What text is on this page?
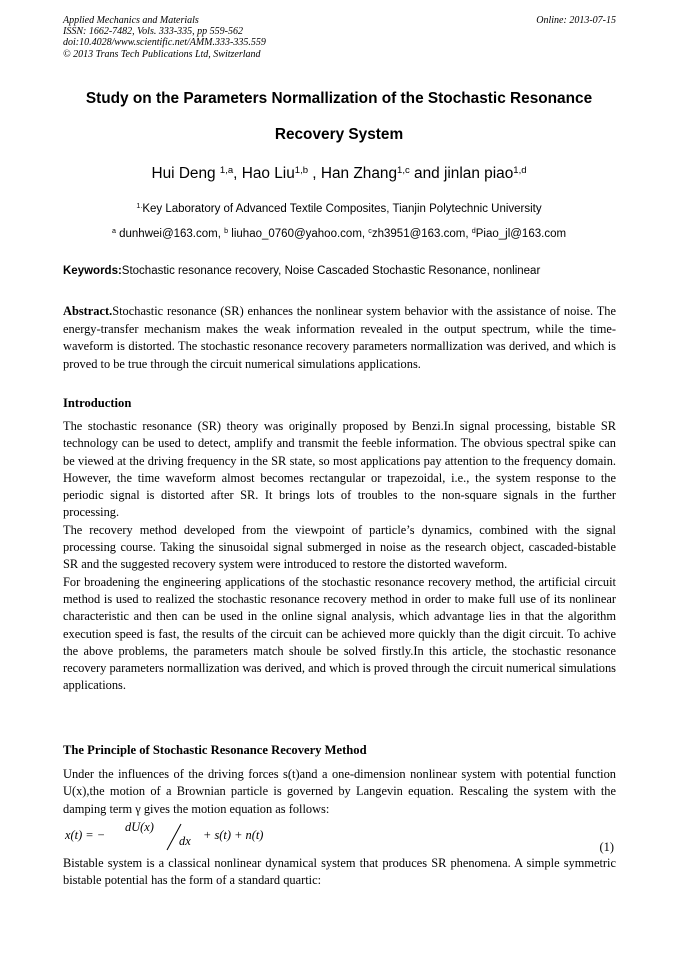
Applied Mechanics and Materials
ISSN: 1662-7482, Vols. 333-335, pp 559-562
doi:10.4028/www.scientific.net/AMM.333-335.559
© 2013 Trans Tech Publications Ltd, Switzerland
Online: 2013-07-15
Study on the Parameters Normallization of the Stochastic Resonance
Recovery System
Hui Deng $^{1,a}$, Hao Liu$^{1,b}$ , Han Zhang$^{1,c}$ and jinlan piao$^{1,d}$
$^{1.}$Key Laboratory of Advanced Textile Composites, Tianjin Polytechnic University
$^a$ dunhwei@163.com, $^b$ liuhao_0760@yahoo.com, $^c$zh3951@163.com, $^d$Piao_jl@163.com
Keywords:Stochastic resonance recovery, Noise Cascaded Stochastic Resonance, nonlinear
Abstract.Stochastic resonance (SR) enhances the nonlinear system behavior with the assistance of noise. The energy-transfer mechanism makes the weak information revealed in the output spectrum, while the time-waveform is distorted. The stochastic resonance recovery parameters normallization was derived, and which is proved to be true through the circuit numerical simulations applications.
Introduction
The stochastic resonance (SR) theory was originally proposed by Benzi.In signal processing, bistable SR technology can be used to detect, amplify and transmit the feeble information. The obvious spectral spike can be viewed at the driving frequency in the SR state, so most applications pay attention to the frequency domain. However, the time waveform almost becomes rectangular or trapezoidal, i.e., the system response to the periodic signal is distorted after SR. It brings lots of troubles to the non-square signals in the further processing.
The recovery method developed from the viewpoint of particle’s dynamics, combined with the signal processing course. Taking the sinusoidal signal submerged in noise as the research object, cascaded-bistable SR and the suggested recovery system were introduced to restore the distorted waveform.
For broadening the engineering applications of the stochastic resonance recovery method, the artificial circuit method is used to realized the stochastic resonance recovery method in order to make full use of its nonlinear characteristic and then can be used in the online signal analysis, which advantage lies in that the algorithm execution speed is fast, the results of the circuit can be achieved more quickly than the digit circuit. To achive the above problems, the parameters match shoule be solved firstly.In this article, the stochastic resonance recovery parameters normallization was derived, and which is proved through the circuit numerical simulations applications.
The Principle of Stochastic Resonance Recovery Method
Under the influences of the driving forces s(t)and a one-dimension nonlinear system with potential function U(x),the motion of a Brownian particle is governed by Langevin equation. Rescaling the system with the damping term γ gives the motion equation as follows:
x(t) = −
dU(x)
dx + s(t) + n(t)
(1)
Bistable system is a classical nonlinear dynamical system that produces SR phenomena. A simple symmetric bistable potential has the form of a standard quartic:
